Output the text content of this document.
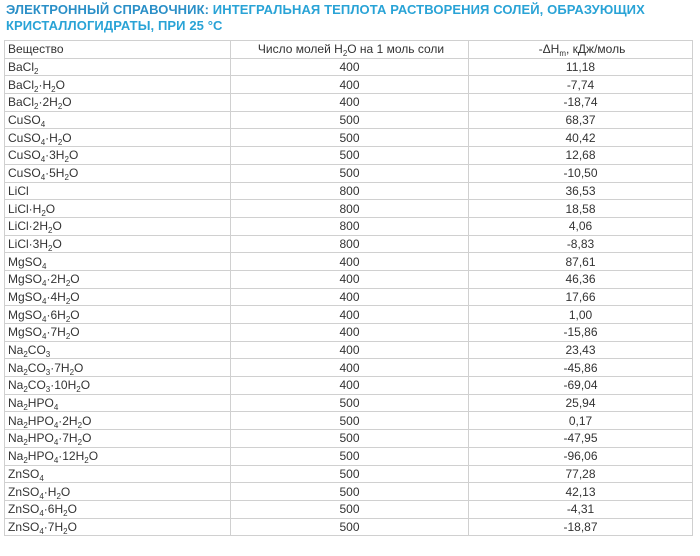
ЭЛЕКТРОННЫЙ СПРАВОЧНИК: ИНТЕГРАЛЬНАЯ ТЕПЛОТА РАСТВОРЕНИЯ СОЛЕЙ, ОБРАЗУЮЩИХ КРИСТАЛЛОГИДРАТЫ, ПРИ 25 °С
Вещество	Число молей $H_2O$ на 1 моль соли	$-\Delta H_m$, кДж/моль
BaCl$_2$	400	11,18
$BaCl_2\cdot H_2O$	400	-7,74
$BaCl_2\cdot 2H_2O$	400	-18,74
CuSO$_4$	500	68,37
$CuSO_4\cdot H_2O$	500	40,42
$CuSO_4\cdot 3H_2O$	500	12,68
$CuSO_4\cdot 5H_2O$	500	-10,50
LiCl	800	36,53
$LiCl\cdot H_2O$	800	18,58
$LiCl\cdot 2H_2O$	800	4,06
$LiCl\cdot 3H_2O$	800	-8,83
MgSO$_4$	400	87,61
$MgSO_4\cdot 2H_2O$	400	46,36
$MgSO_4\cdot 4H_2O$	400	17,66
$MgSO_4\cdot 6H_2O$	400	1,00
$MgSO_4\cdot 7H_2O$	400	-15,86
$Na_2CO_3$	400	23,43
$Na_2CO_3\cdot 7H_2O$	400	-45,86
$Na_2CO_3\cdot 10H_2O$	400	-69,04
$Na_2HPO_4$	500	25,94
$Na_2HPO_4\cdot 2H_2O$	500	0,17
$Na_2HPO_4\cdot 7H_2O$	500	-47,95
$Na_2HPO_4\cdot 12H_2O$	500	-96,06
ZnSO$_4$	500	77,28
$ZnSO_4\cdot H_2O$	500	42,13
$ZnSO_4\cdot 6H_2O$	500	-4,31
$ZnSO_4\cdot 7H_2O$	500	-18,87
